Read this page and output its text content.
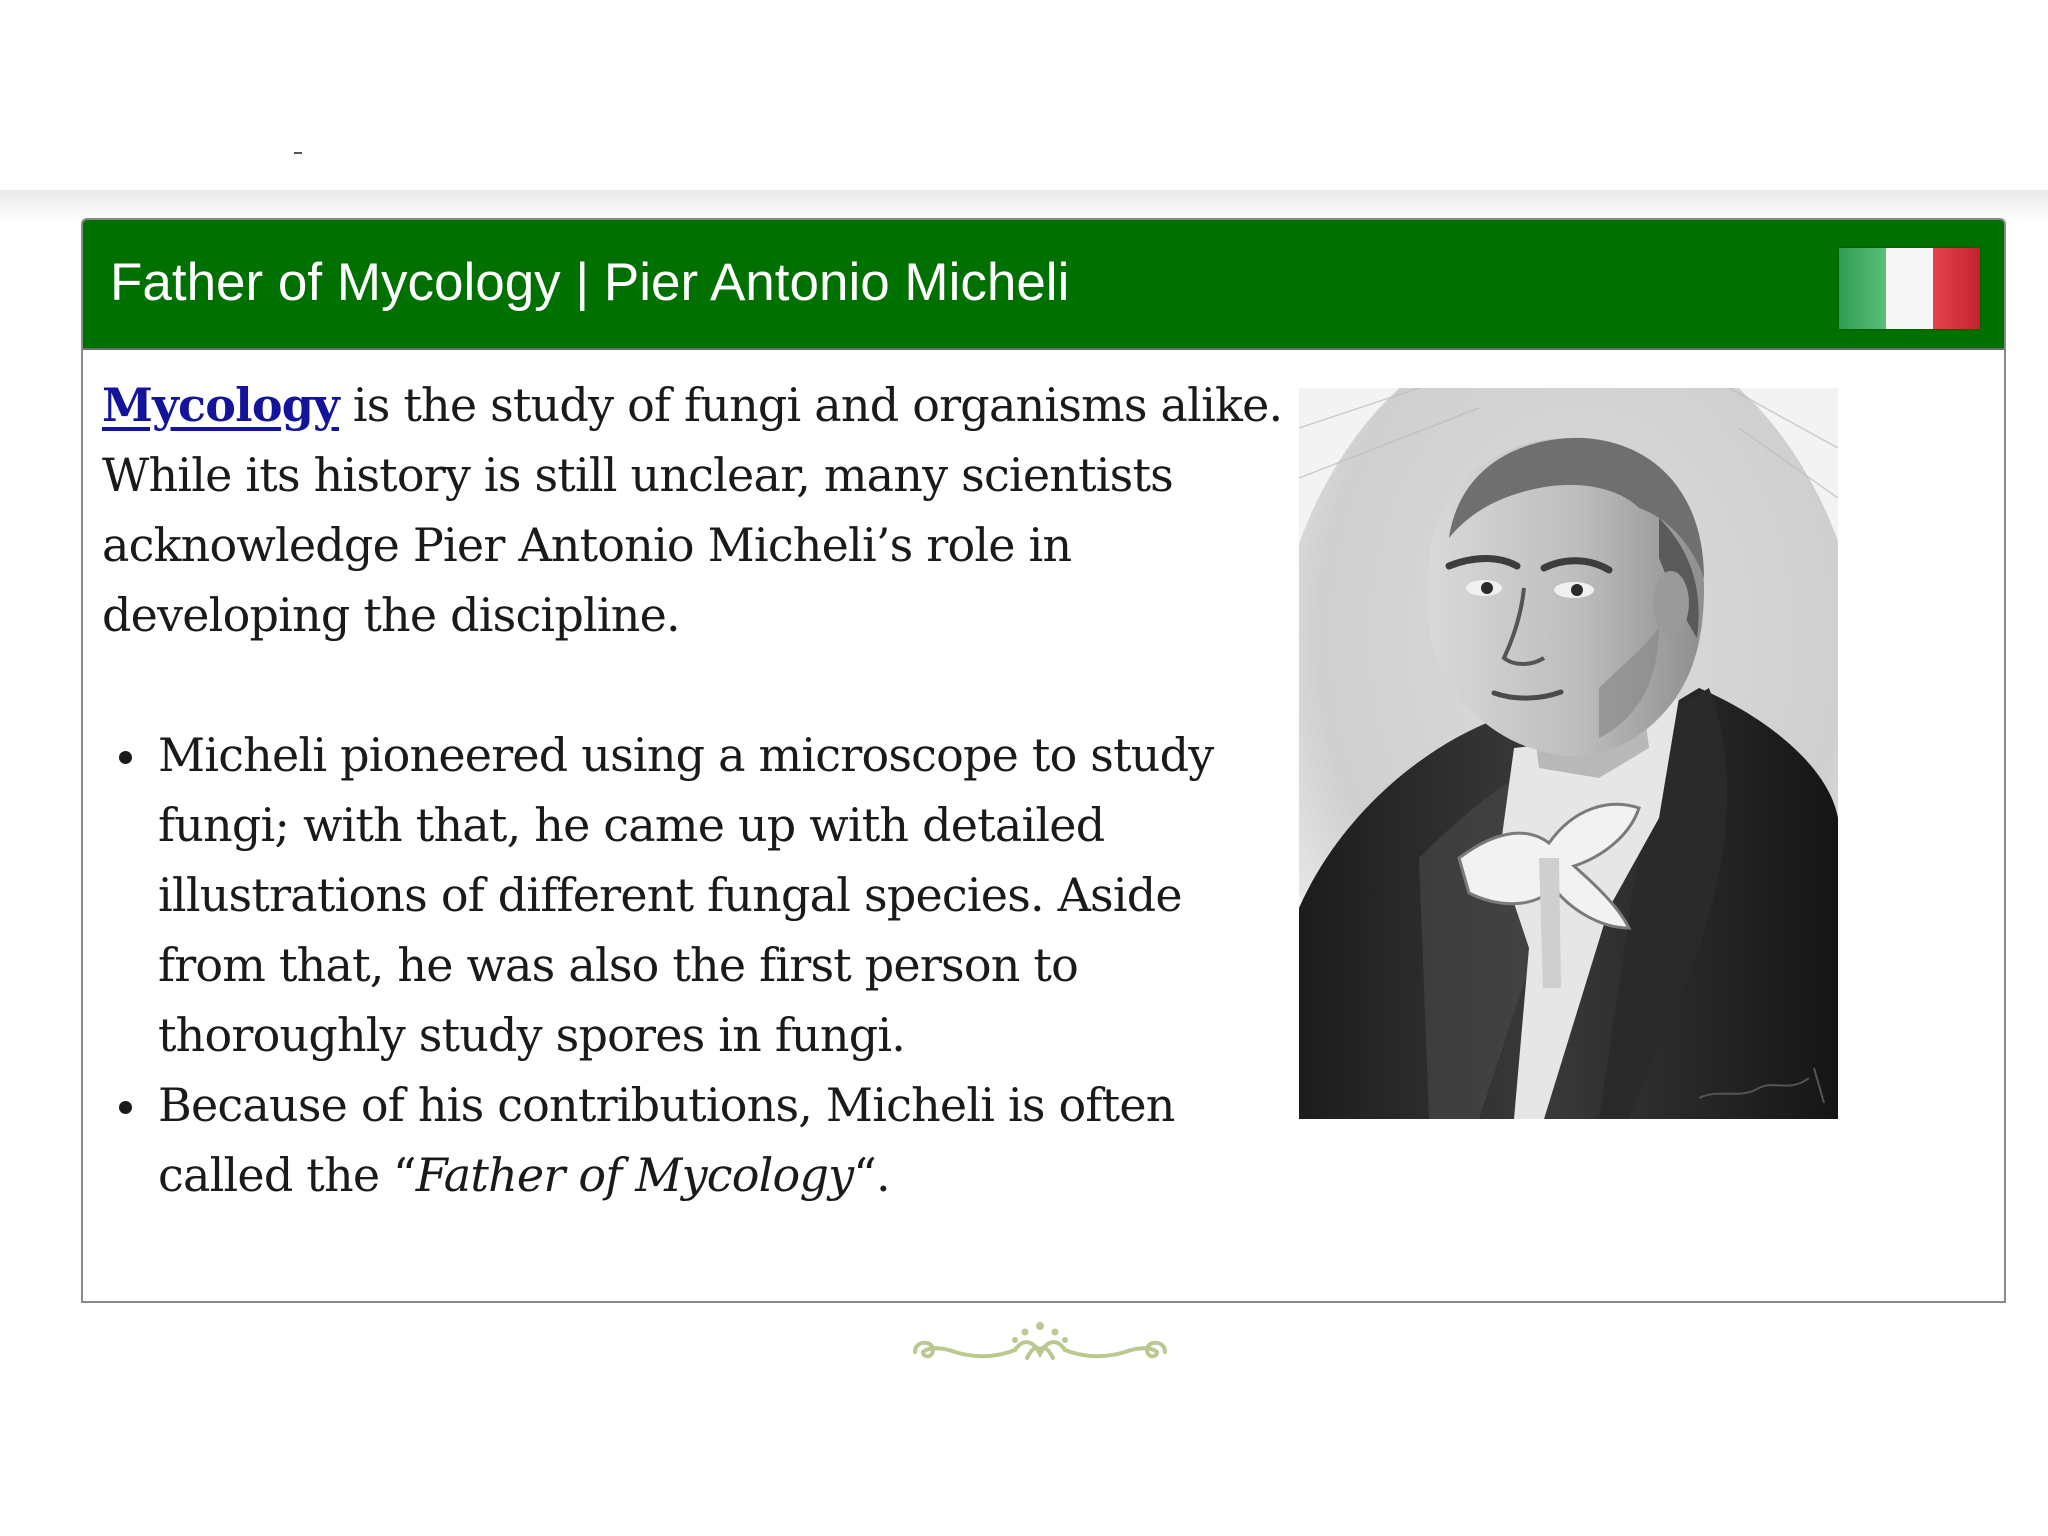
Father of Mycology | Pier Antonio Micheli

Mycology is the study of fungi and organisms alike. While its history is still unclear, many scientists acknowledge Pier Antonio Micheli’s role in developing the discipline.

Micheli pioneered using a microscope to study fungi; with that, he came up with detailed illustrations of different fungal species. Aside from that, he was also the first person to thoroughly study spores in fungi.
Because of his contributions, Micheli is often called the “Father of Mycology“.
